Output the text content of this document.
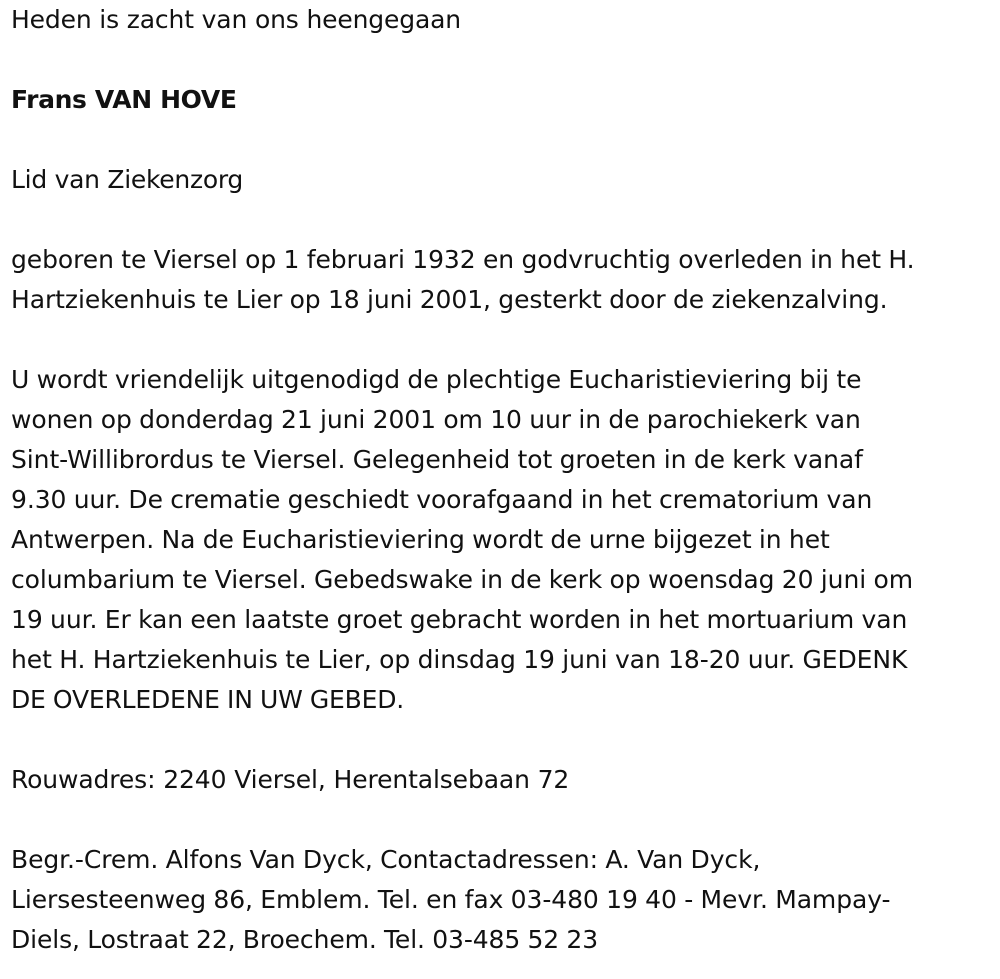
Heden is zacht van ons heengegaan

Frans VAN HOVE

Lid van Ziekenzorg

geboren te Viersel op 1 februari 1932 en godvruchtig overleden in het H.
Hartziekenhuis te Lier op 18 juni 2001, gesterkt door de ziekenzalving.
U wordt vriendelijk uitgenodigd de plechtige Eucharistieviering bij te
wonen op donderdag 21 juni 2001 om 10 uur in de parochiekerk van
Sint-Willibrordus te Viersel. Gelegenheid tot groeten in de kerk vanaf
9.30 uur. De crematie geschiedt voorafgaand in het crematorium van
Antwerpen. Na de Eucharistieviering wordt de urne bijgezet in het
columbarium te Viersel. Gebedswake in de kerk op woensdag 20 juni om
19 uur. Er kan een laatste groet gebracht worden in het mortuarium van
het H. Hartziekenhuis te Lier, op dinsdag 19 juni van 18-20 uur. GEDENK
DE OVERLEDENE IN UW GEBED.

Rouwadres: 2240 Viersel, Herentalsebaan 72

Begr.-Crem. Alfons Van Dyck, Contactadressen: A. Van Dyck,
Liersesteenweg 86, Emblem. Tel. en fax 03-480 19 40 - Mevr. Mampay-
Diels, Lostraat 22, Broechem. Tel. 03-485 52 23
